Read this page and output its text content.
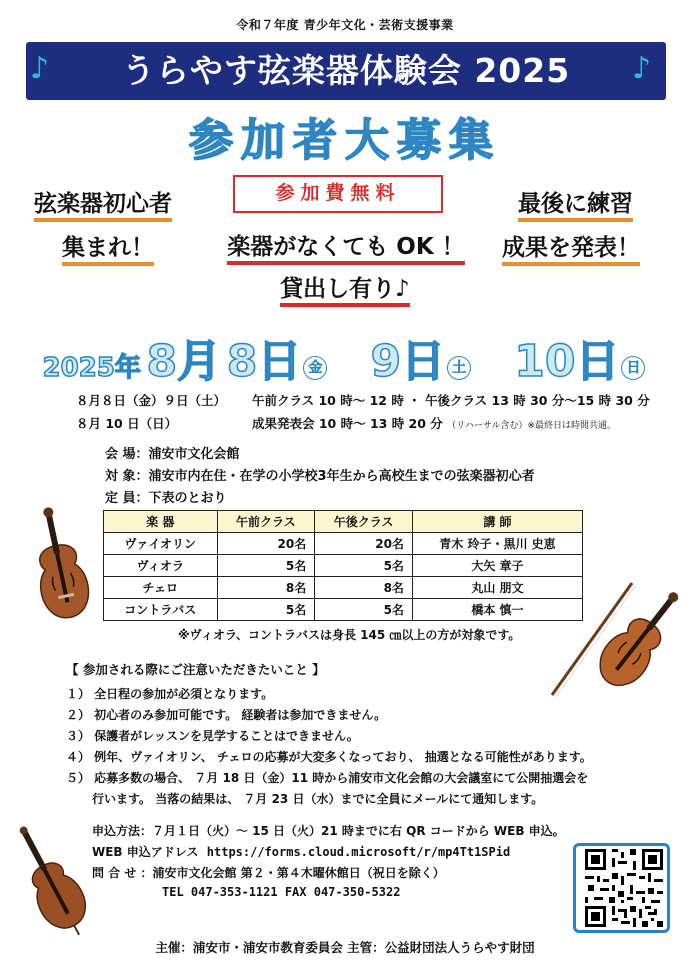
令和７年度 青少年文化・芸術支援事業
♪	♪
うらやす弦楽器体験会 2025
参加者大募集
弦楽器初心者
集まれ！
参加費無料
楽器がなくても OK ！
貸出し有り♪
最後に練習
成果を発表！
2025年 8月 8日 金 9日 土 10日 日
８月８日（金）９日（土） 午前クラス 10 時～ 12 時 ・ 午後クラス 13 時 30 分～15 時 30 分
８月 10 日（日）	成果発表会 10 時～ 13 時 20 分 （リハーサル含む）※最終日は時間共通。
会 場：浦安市文化会館
対 象：浦安市内在住・在学の小学校3年生から高校生までの弦楽器初心者
定 員：下表のとおり
楽 器	午前クラス	午後クラス	講 師
ヴァイオリン	20名	20名	青木 玲子・黒川 史恵
ヴィオラ	5名	5名	大矢 章子
チェロ	8名	8名	丸山 朋文
コントラバス	5名	5名	橋本 慎一
※ヴィオラ、コントラバスは身長 145 ㎝以上の方が対象です。
【 参加される際にご注意いただきたいこと 】
１） 全日程の参加が必須となります。
２） 初心者のみ参加可能です。 経験者は参加できません。
３） 保護者がレッスンを見学することはできません。
４） 例年、ヴァイオリン、 チェロの応募が大変多くなっており、 抽選となる可能性があります。
５） 応募多数の場合、 ７月 18 日（金）11 時から浦安市文化会館の大会議室にて公開抽選会を
行います。 当落の結果は、 ７月 23 日（水）までに全員にメールにて通知します。
申込方法：７月１日（火）～ 15 日（火）21 時までに右 QR コードから WEB 申込。
WEB 申込アドレス https://forms.cloud.microsoft/r/mp4Tt1SPid
問 合 せ ：浦安市文化会館 第２・第４木曜休館日（祝日を除く）
TEL 047-353-1121 FAX 047-350-5322
主催：浦安市・浦安市教育委員会 主管：公益財団法人うらやす財団
